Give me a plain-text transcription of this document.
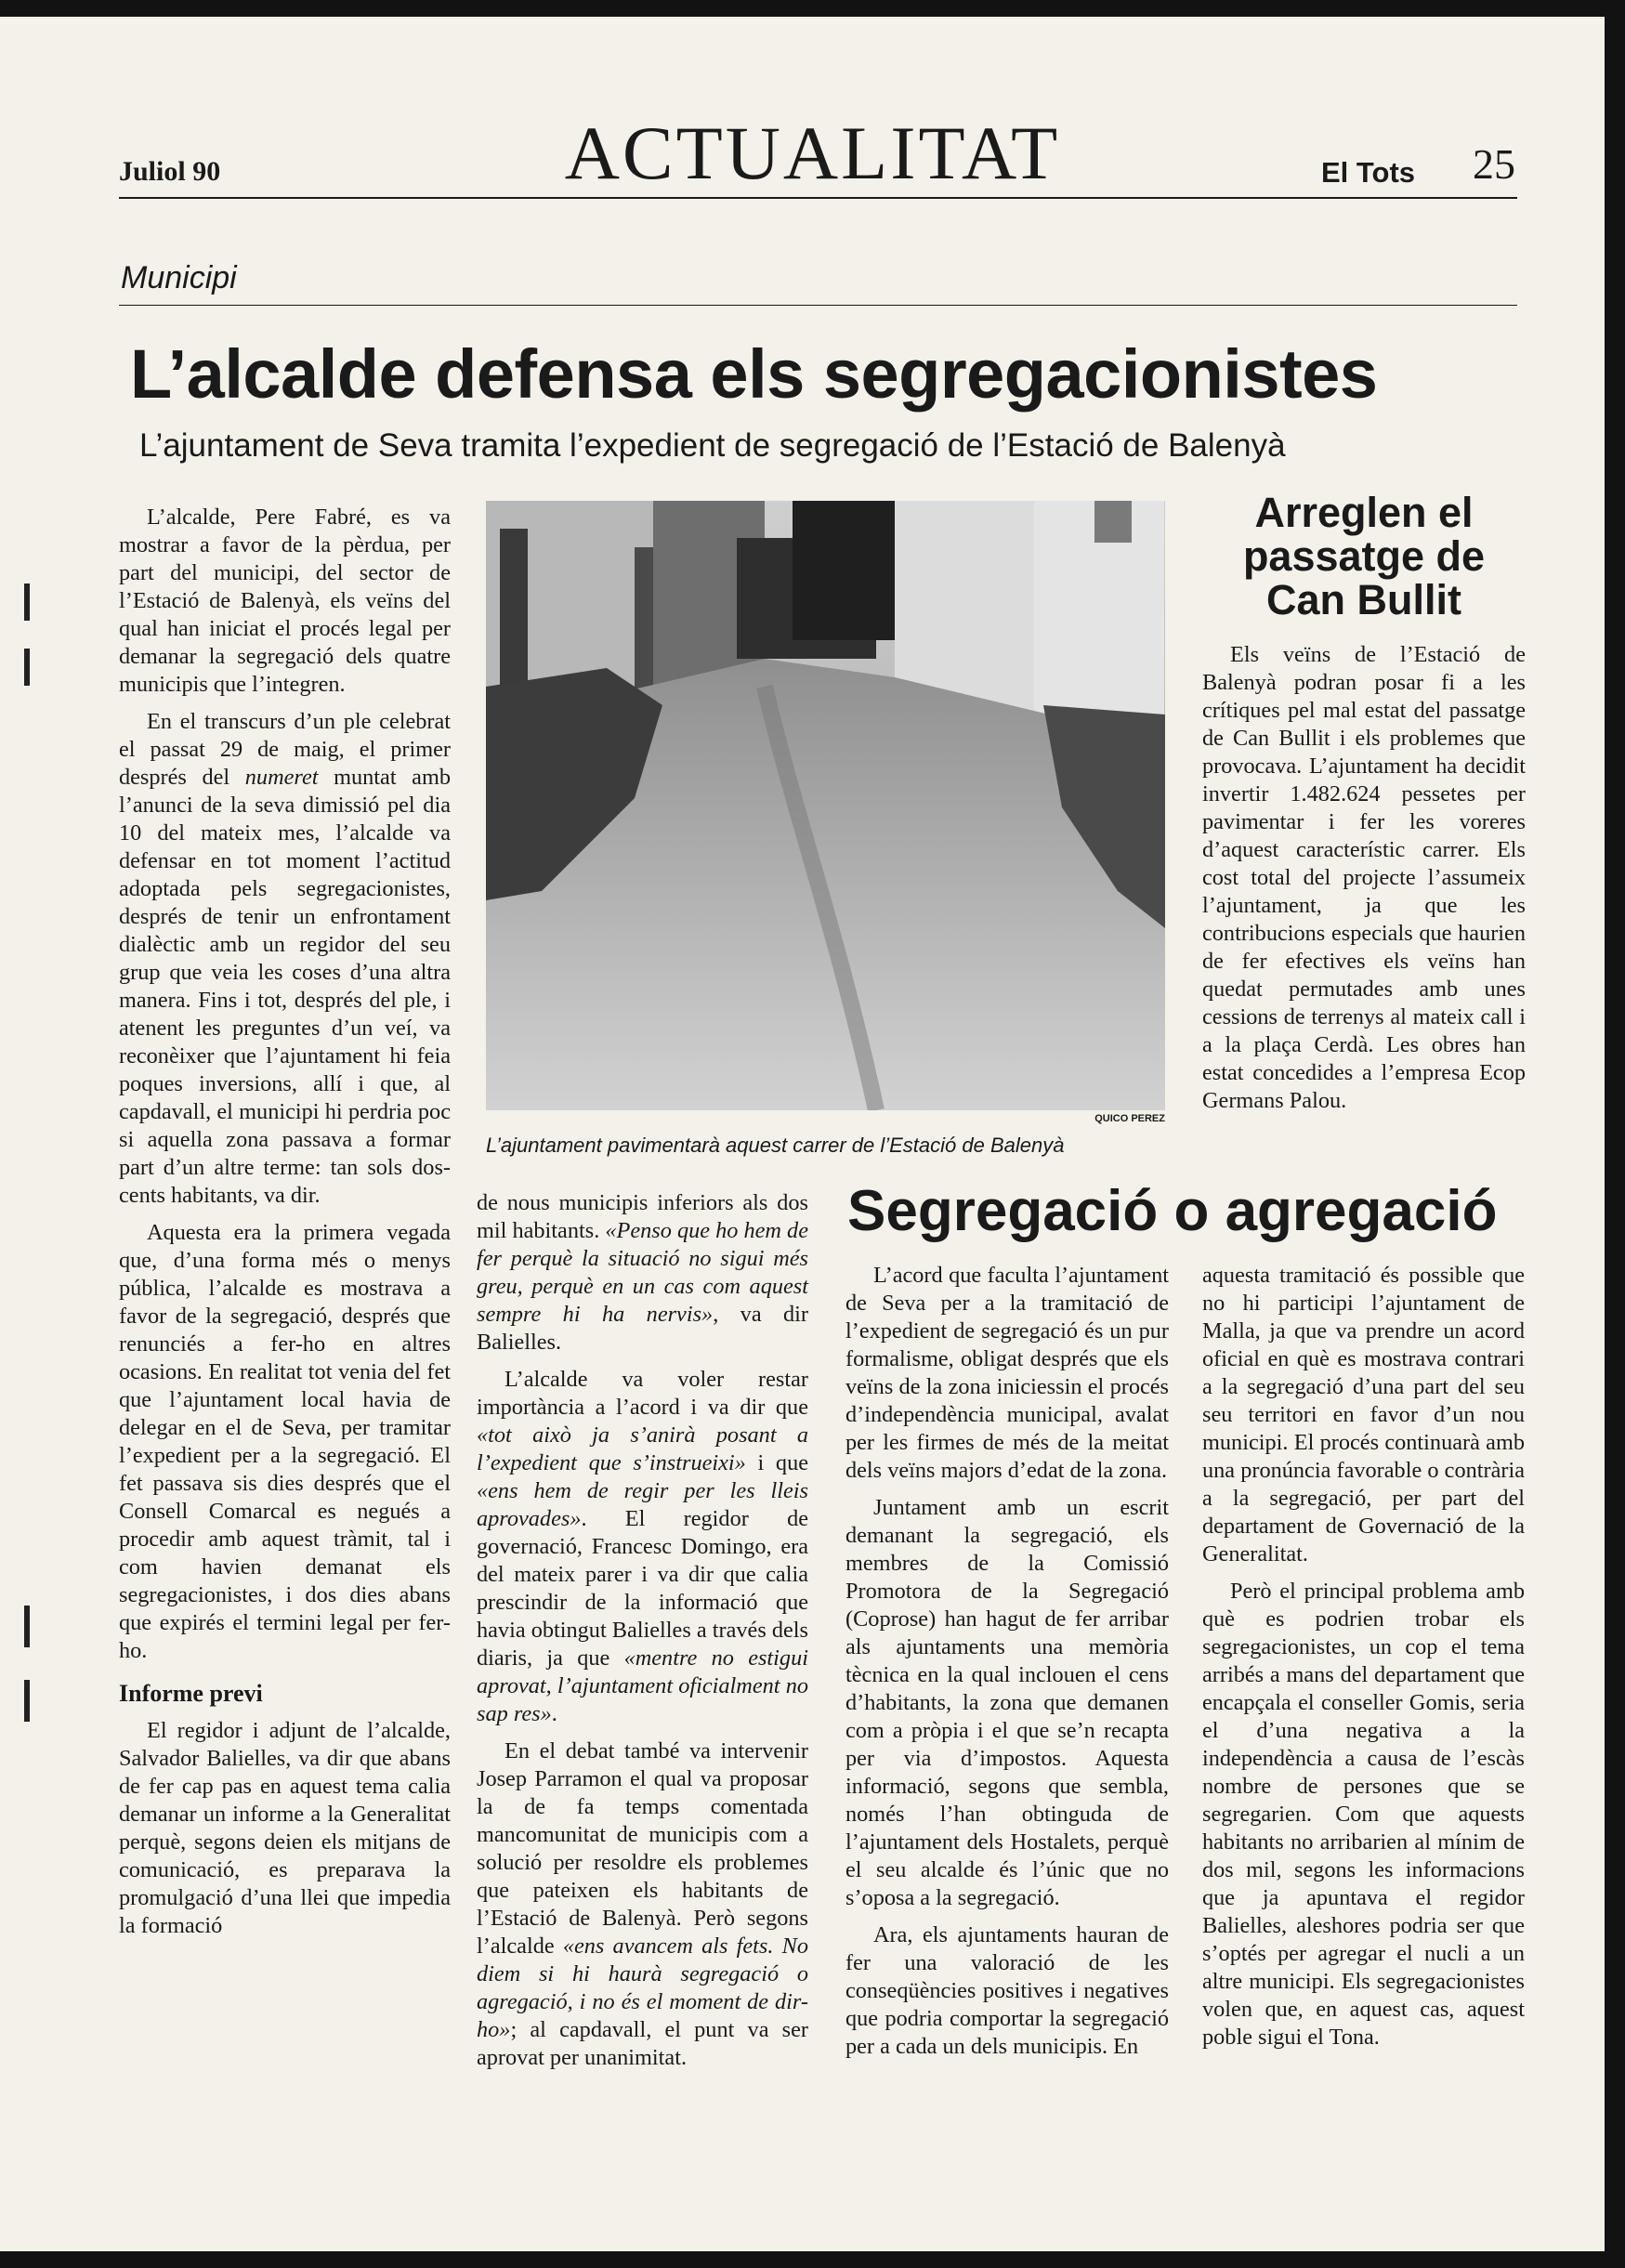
Juliol 90	ACTUALITAT	El Tots 25
Municipi
L’alcalde defensa els segregacionistes
L’ajuntament de Seva tramita l’expedient de segregació de l’Estació de Balenyà

L’alcalde, Pere Fabré, es va mostrar a favor de la pèrdua, per part del municipi, del sector de l’Estació de Balenyà, els veïns del qual han iniciat el procés legal per demanar la segregació dels quatre municipis que l’integren.

En el transcurs d’un ple celebrat el passat 29 de maig, el primer després del numeret muntat amb l’anunci de la seva dimissió pel dia 10 del mateix mes, l’alcalde va defensar en tot moment l’actitud adoptada pels segregacionistes, després de tenir un enfrontament dialèctic amb un regidor del seu grup que veia les coses d’una altra manera. Fins i tot, després del ple, i atenent les preguntes d’un veí, va reconèixer que l’ajuntament hi feia poques inversions, allí i que, al capdavall, el municipi hi perdria poc si aquella zona passava a formar part d’un altre terme: tan sols dos-cents habitants, va dir.

Aquesta era la primera vegada que, d’una forma més o menys pública, l’alcalde es mostrava a favor de la segregació, després que renunciés a fer-ho en altres ocasions. En realitat tot venia del fet que l’ajuntament local havia de delegar en el de Seva, per tramitar l’expedient per a la segregació. El fet passava sis dies després que el Consell Comarcal es negués a procedir amb aquest tràmit, tal i com havien demanat els segregacionistes, i dos dies abans que expirés el termini legal per fer-ho.

Informe previ

El regidor i adjunt de l’alcalde, Salvador Balielles, va dir que abans de fer cap pas en aquest tema calia demanar un informe a la Generalitat perquè, segons deien els mitjans de comunicació, es preparava la promulgació d’una llei que impedia la formació

QUICO PEREZ
L’ajuntament pavimentarà aquest carrer de l’Estació de Balenyà

de nous municipis inferiors als dos mil habitants. «Penso que ho hem de fer perquè la situació no sigui més greu, perquè en un cas com aquest sempre hi ha nervis», va dir Balielles.

L’alcalde va voler restar importància a l’acord i va dir que «tot això ja s’anirà posant a l’expedient que s’instrueixi» i que «ens hem de regir per les lleis aprovades». El regidor de governació, Francesc Domingo, era del mateix parer i va dir que calia prescindir de la informació que havia obtingut Balielles a través dels diaris, ja que «mentre no estigui aprovat, l’ajuntament oficialment no sap res».

En el debat també va intervenir Josep Parramon el qual va proposar la de fa temps comentada mancomunitat de municipis com a solució per resoldre els problemes que pateixen els habitants de l’Estació de Balenyà. Però segons l’alcalde «ens avancem als fets. No diem si hi haurà segregació o agregació, i no és el moment de dir-ho»; al capdavall, el punt va ser aprovat per unanimitat.

Arreglen el passatge de Can Bullit

Els veïns de l’Estació de Balenyà podran posar fi a les crítiques pel mal estat del passatge de Can Bullit i els problemes que provocava. L’ajuntament ha decidit invertir 1.482.624 pessetes per pavimentar i fer les voreres d’aquest característic carrer. Els cost total del projecte l’assumeix l’ajuntament, ja que les contribucions especials que haurien de fer efectives els veïns han quedat permutades amb unes cessions de terrenys al mateix call i a la plaça Cerdà. Les obres han estat concedides a l’empresa Ecop Germans Palou.

Segregació o agregació

L’acord que faculta l’ajuntament de Seva per a la tramitació de l’expedient de segregació és un pur formalisme, obligat després que els veïns de la zona iniciessin el procés d’independència municipal, avalat per les firmes de més de la meitat dels veïns majors d’edat de la zona.

Juntament amb un escrit demanant la segregació, els membres de la Comissió Promotora de la Segregació (Coprose) han hagut de fer arribar als ajuntaments una memòria tècnica en la qual inclouen el cens d’habitants, la zona que demanen com a pròpia i el que se’n recapta per via d’impostos. Aquesta informació, segons que sembla, només l’han obtinguda de l’ajuntament dels Hostalets, perquè el seu alcalde és l’únic que no s’oposa a la segregació.

Ara, els ajuntaments hauran de fer una valoració de les conseqüències positives i negatives que podria comportar la segregació per a cada un dels municipis. En

aquesta tramitació és possible que no hi participi l’ajuntament de Malla, ja que va prendre un acord oficial en què es mostrava contrari a la segregació d’una part del seu seu territori en favor d’un nou municipi. El procés continuarà amb una pronúncia favorable o contrària a la segregació, per part del departament de Governació de la Generalitat.

Però el principal problema amb què es podrien trobar els segregacionistes, un cop el tema arribés a mans del departament que encapçala el conseller Gomis, seria el d’una negativa a la independència a causa de l’escàs nombre de persones que se segregarien. Com que aquests habitants no arribarien al mínim de dos mil, segons les informacions que ja apuntava el regidor Balielles, aleshores podria ser que s’optés per agregar el nucli a un altre municipi. Els segregacionistes volen que, en aquest cas, aquest poble sigui el Tona.
